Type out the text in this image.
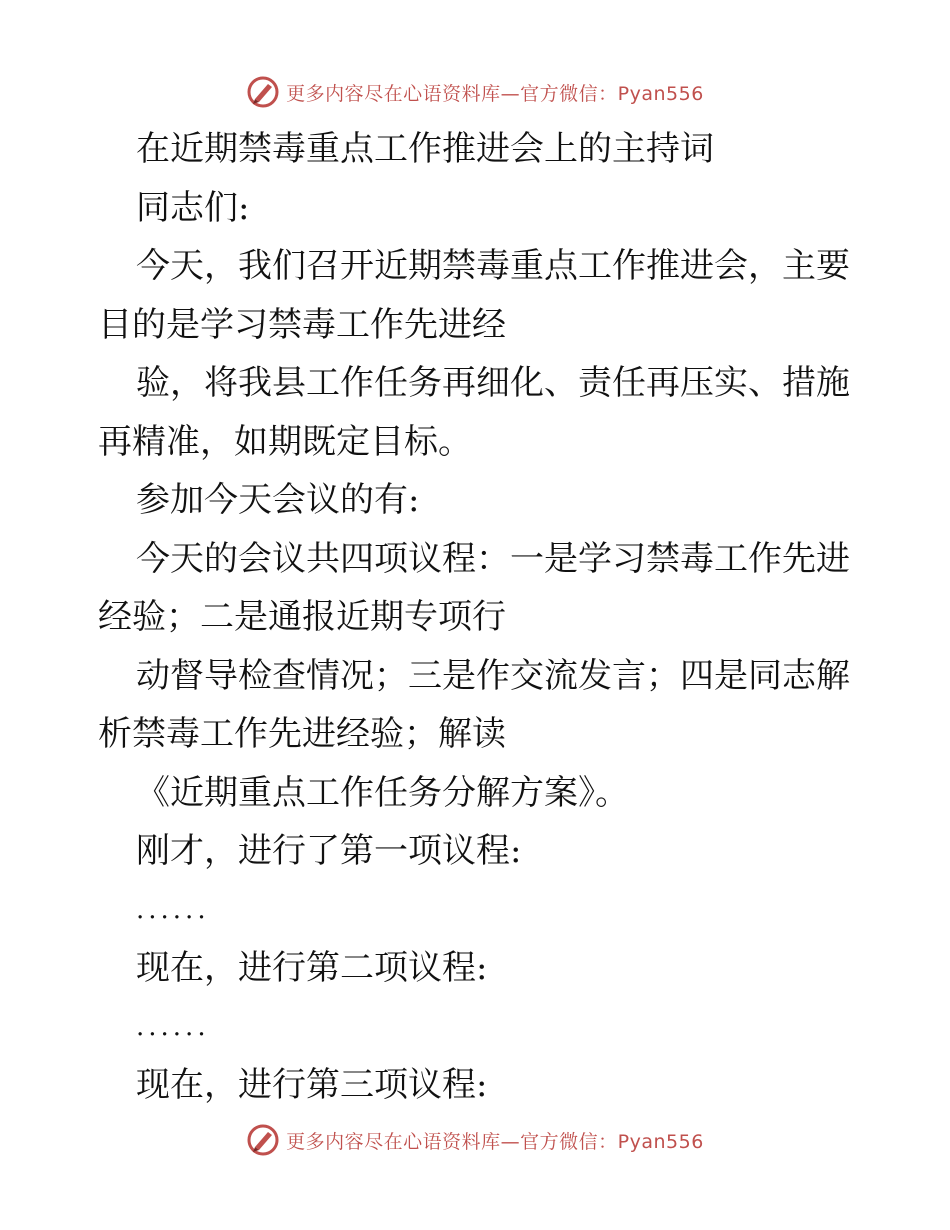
更多内容尽在心语资料库—官方微信：Pyan556
在近期禁毒重点工作推进会上的主持词
同志们:
今天，我们召开近期禁毒重点工作推进会，主要
目的是学习禁毒工作先进经
验，将我县工作任务再细化、责任再压实、措施
再精准，如期既定目标。
参加今天会议的有:
今天的会议共四项议程：一是学习禁毒工作先进
经验；二是通报近期专项行
动督导检查情况；三是作交流发言；四是同志解
析禁毒工作先进经验；解读
《近期重点工作任务分解方案》。
刚才，进行了第一项议程:
......
现在，进行第二项议程:
......
现在，进行第三项议程:
更多内容尽在心语资料库—官方微信：Pyan556
